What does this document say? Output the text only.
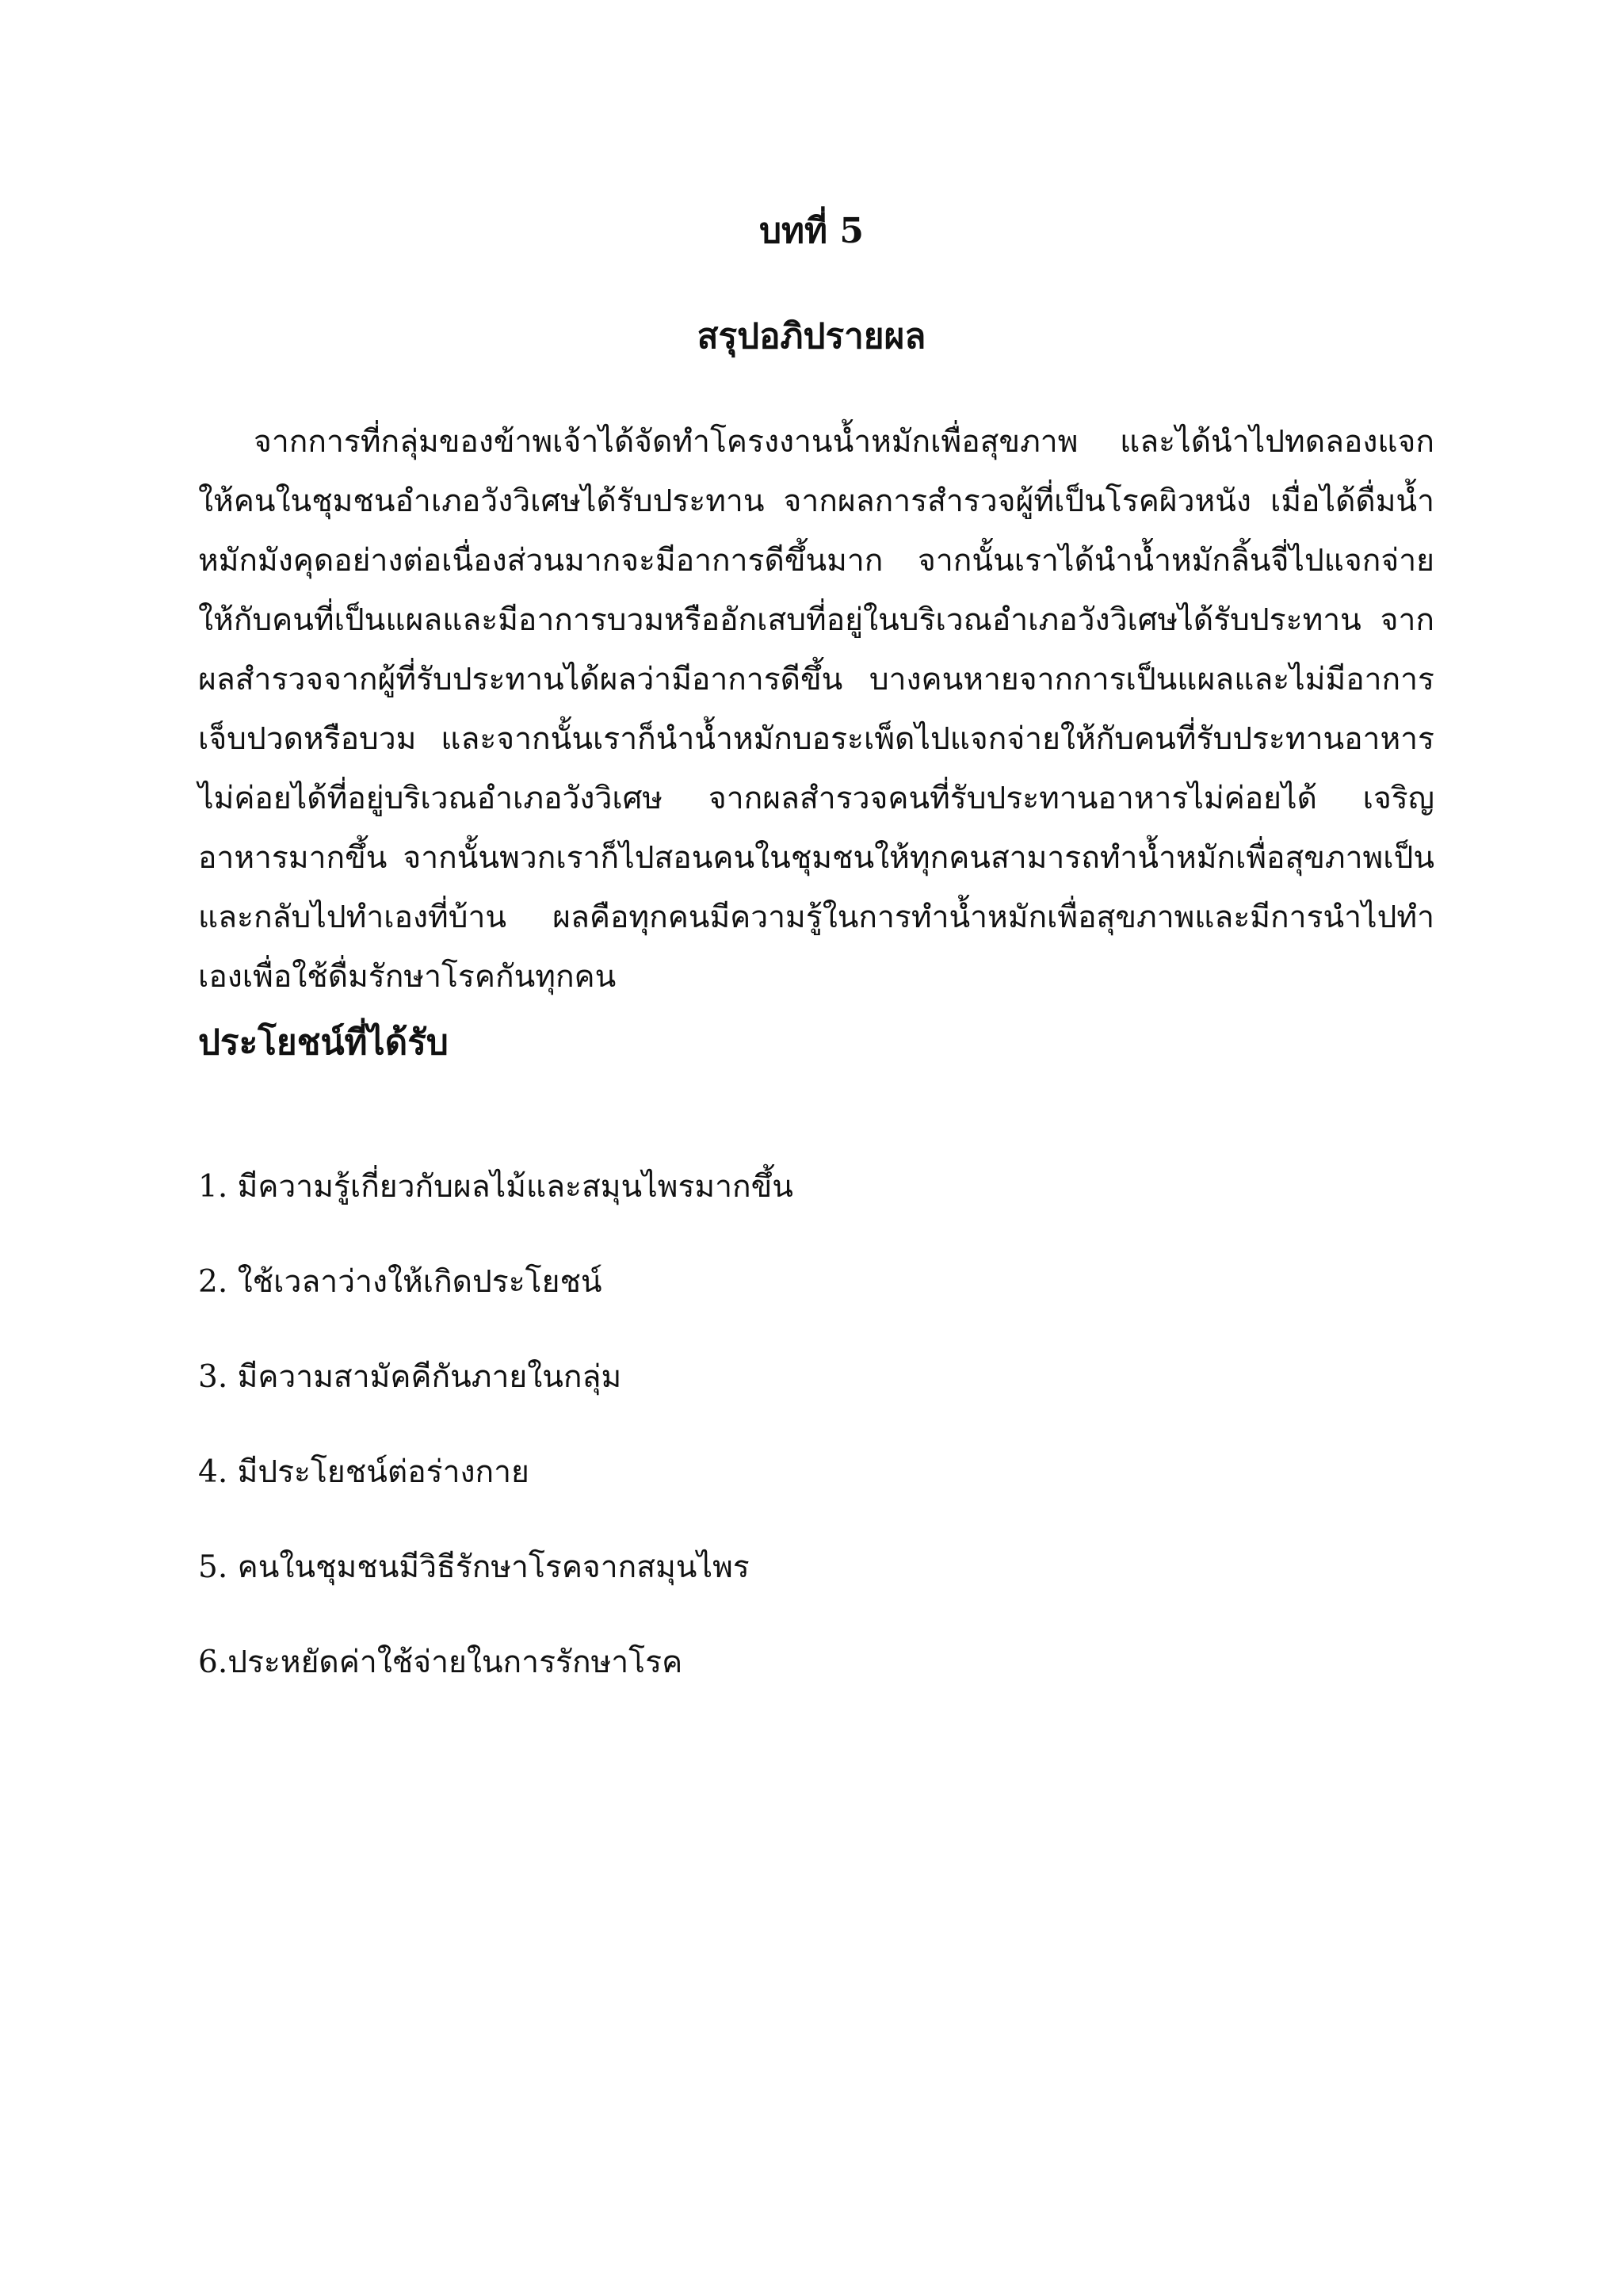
บทที่ 5
สรุปอภิปรายผล

จากการที่กลุ่มของข้าพเจ้าได้จัดทำโครงงานน้ำหมักเพื่อสุขภาพ และได้นำไปทดลองแจกให้คนในชุมชนอำเภอวังวิเศษได้รับประทาน จากผลการสำรวจผู้ที่เป็นโรคผิวหนัง เมื่อได้ดื่มน้ำหมักมังคุดอย่างต่อเนื่องส่วนมากจะมีอาการดีขึ้นมาก จากนั้นเราได้นำน้ำหมักลิ้นจี่ไปแจกจ่ายให้กับคนที่เป็นแผลและมีอาการบวมหรืออักเสบที่อยู่ในบริเวณอำเภอวังวิเศษได้รับประทาน จากผลสำรวจจากผู้ที่รับประทานได้ผลว่ามีอาการดีขึ้น บางคนหายจากการเป็นแผลและไม่มีอาการเจ็บปวดหรือบวม และจากนั้นเราก็นำน้ำหมักบอระเพ็ดไปแจกจ่ายให้กับคนที่รับประทานอาหารไม่ค่อยได้ที่อยู่บริเวณอำเภอวังวิเศษ จากผลสำรวจคนที่รับประทานอาหารไม่ค่อยได้ เจริญอาหารมากขึ้น จากนั้นพวกเราก็ไปสอนคนในชุมชนให้ทุกคนสามารถทำน้ำหมักเพื่อสุขภาพเป็นและกลับไปทำเองที่บ้าน ผลคือทุกคนมีความรู้ในการทำน้ำหมักเพื่อสุขภาพและมีการนำไปทำเองเพื่อใช้ดื่มรักษาโรคกันทุกคน

ประโยชน์ที่ได้รับ
1. มีความรู้เกี่ยวกับผลไม้และสมุนไพรมากขึ้น
2. ใช้เวลาว่างให้เกิดประโยชน์
3. มีความสามัคคีกันภายในกลุ่ม
4. มีประโยชน์ต่อร่างกาย
5. คนในชุมชนมีวิธีรักษาโรคจากสมุนไพร
6.ประหยัดค่าใช้จ่ายในการรักษาโรค
